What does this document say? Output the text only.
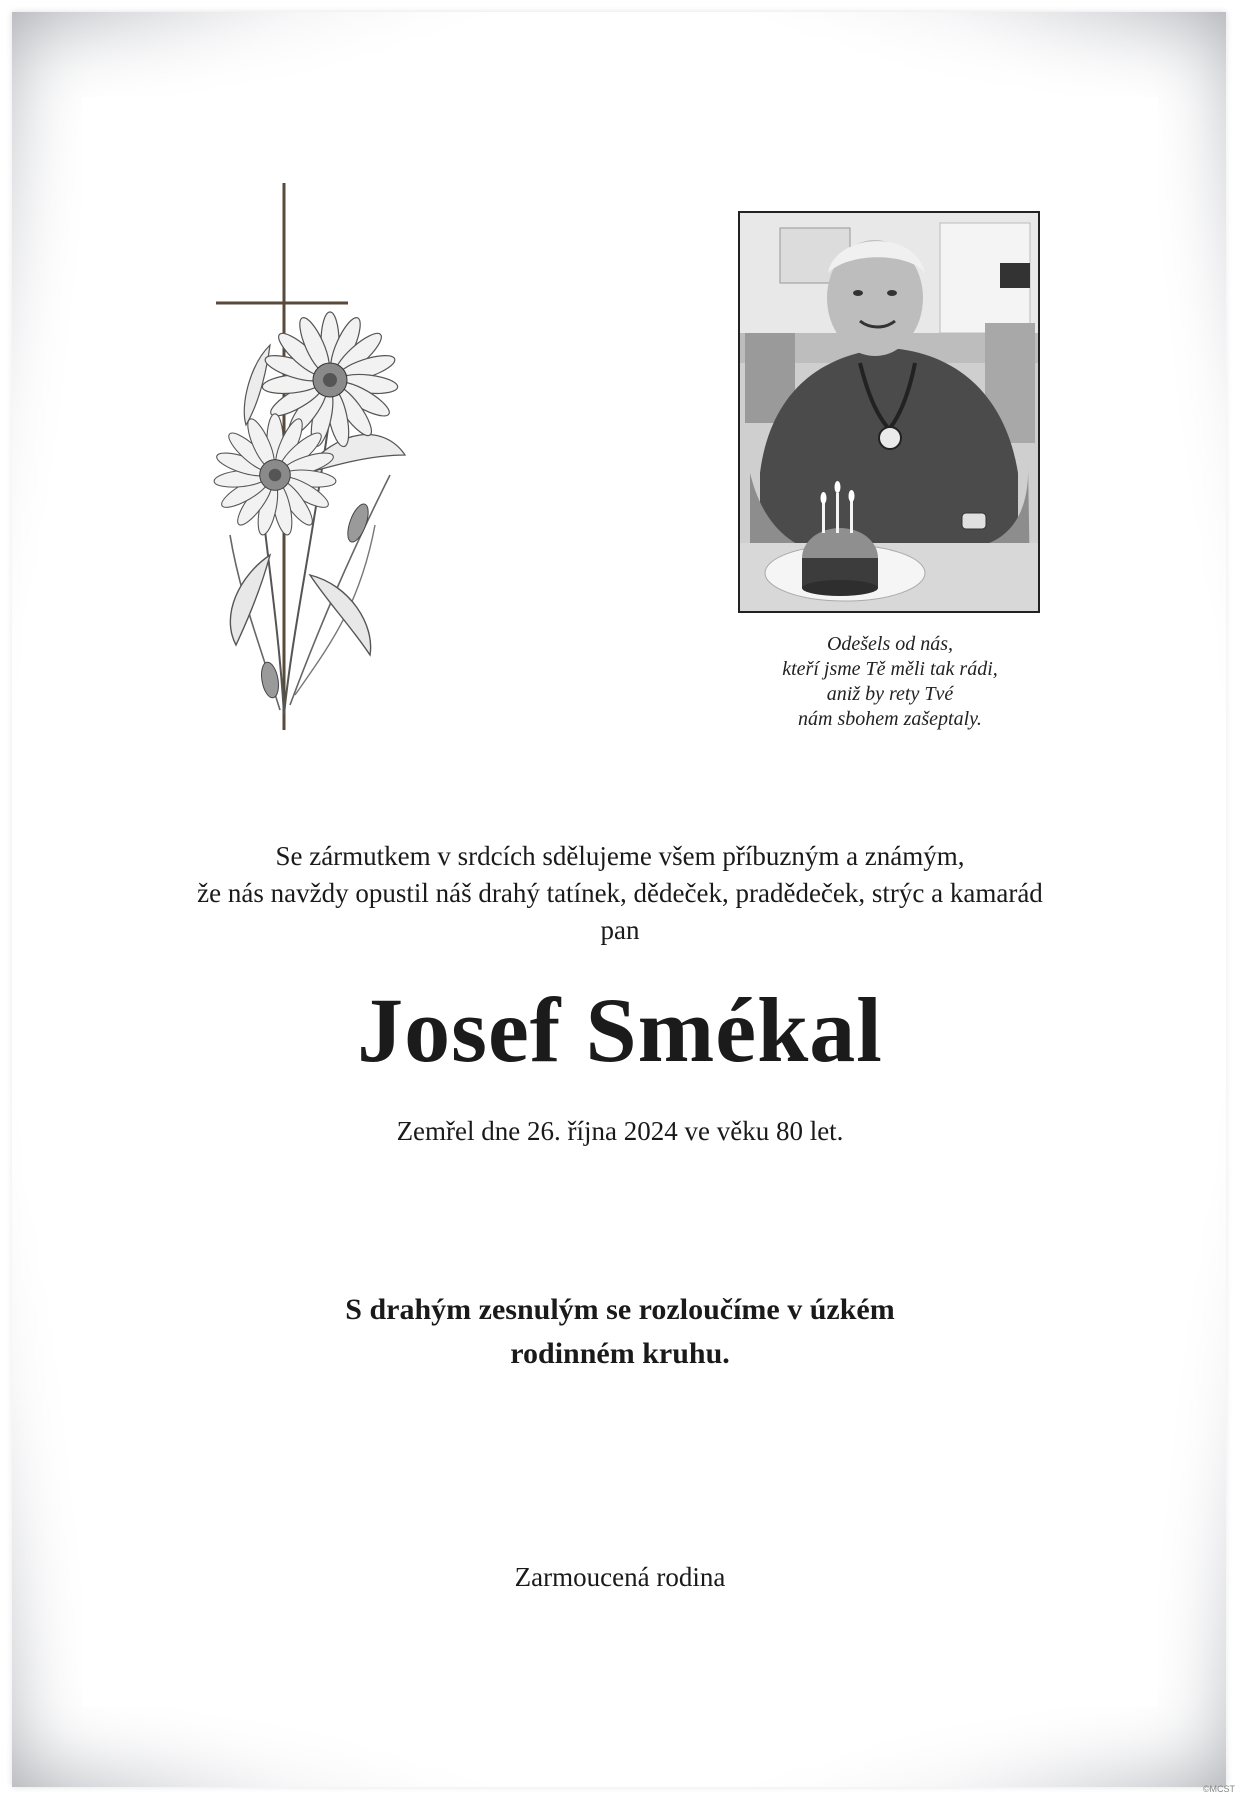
Odešels od nás,
kteří jsme Tě měli tak rádi,
aniž by rety Tvé
nám sbohem zašeptaly.
Se zármutkem v srdcích sdělujeme všem příbuzným a známým,
že nás navždy opustil náš drahý tatínek, dědeček, pradědeček, strýc a kamarád
pan
Josef Smékal
Zemřel dne 26. října 2024 ve věku 80 let.
S drahým zesnulým se rozloučíme v úzkém
rodinném kruhu.
Zarmoucená rodina
©MCST
